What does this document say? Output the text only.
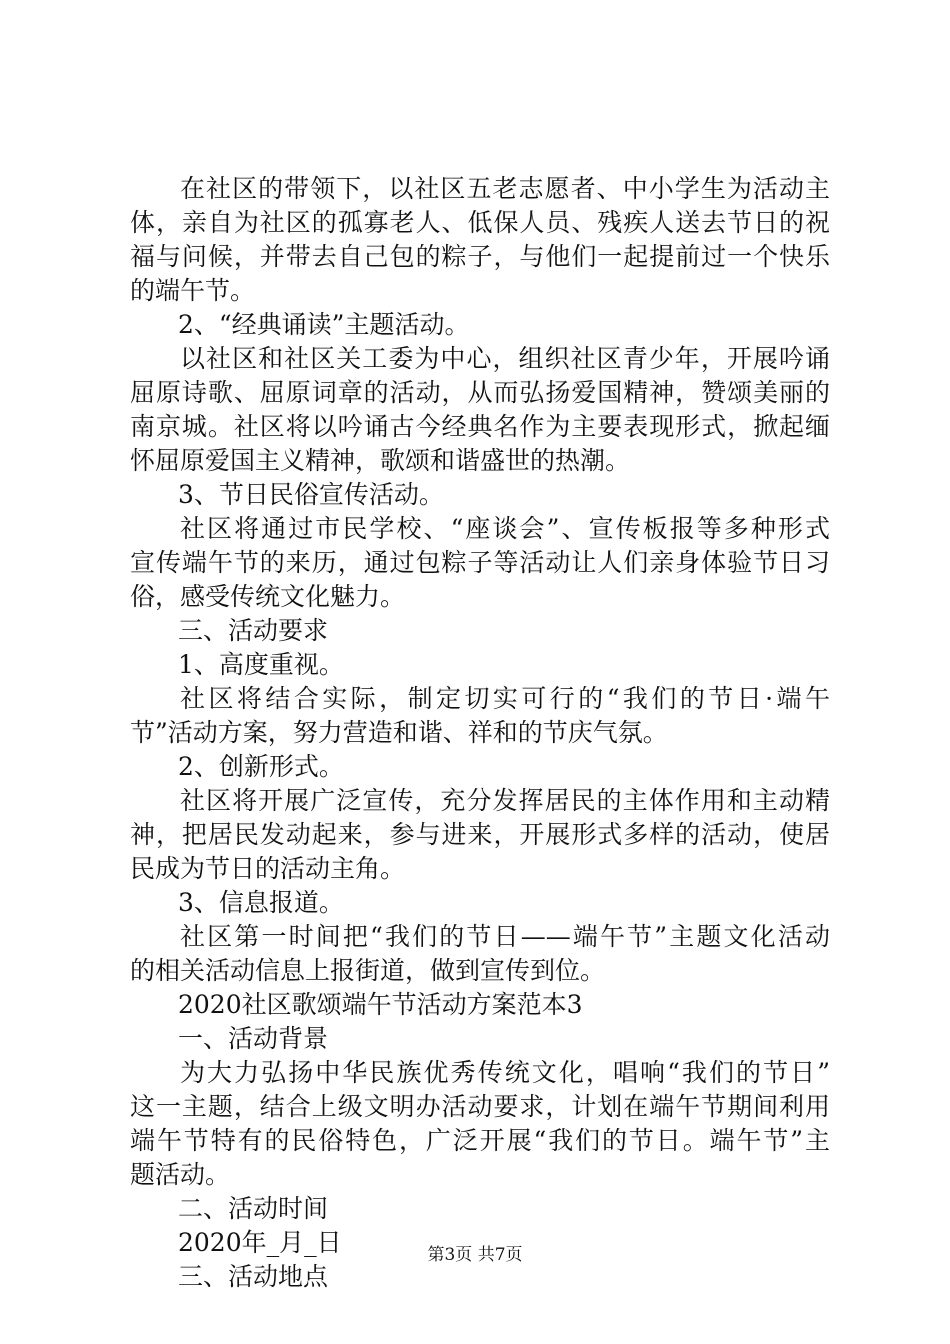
在社区的带领下，以社区五老志愿者、中小学生为活动主
体，亲自为社区的孤寡老人、低保人员、残疾人送去节日的祝
福与问候，并带去自己包的粽子，与他们一起提前过一个快乐
的端午节。
2、“经典诵读”主题活动。
以社区和社区关工委为中心，组织社区青少年，开展吟诵
屈原诗歌、屈原词章的活动，从而弘扬爱国精神，赞颂美丽的
南京城。社区将以吟诵古今经典名作为主要表现形式，掀起缅
怀屈原爱国主义精神，歌颂和谐盛世的热潮。
3、节日民俗宣传活动。
社区将通过市民学校、“座谈会”、宣传板报等多种形式
宣传端午节的来历，通过包粽子等活动让人们亲身体验节日习
俗，感受传统文化魅力。
三、活动要求
1、高度重视。
社区将结合实际，制定切实可行的“我们的节日·端午
节”活动方案，努力营造和谐、祥和的节庆气氛。
2、创新形式。
社区将开展广泛宣传，充分发挥居民的主体作用和主动精
神，把居民发动起来，参与进来，开展形式多样的活动，使居
民成为节日的活动主角。
3、信息报道。
社区第一时间把“我们的节日——端午节”主题文化活动
的相关活动信息上报街道，做到宣传到位。
2020社区歌颂端午节活动方案范本3
一、活动背景
为大力弘扬中华民族优秀传统文化，唱响“我们的节日”
这一主题，结合上级文明办活动要求，计划在端午节期间利用
端午节特有的民俗特色，广泛开展“我们的节日。端午节”主
题活动。
二、活动时间
2020年_月_日
三、活动地点
第3页 共7页
